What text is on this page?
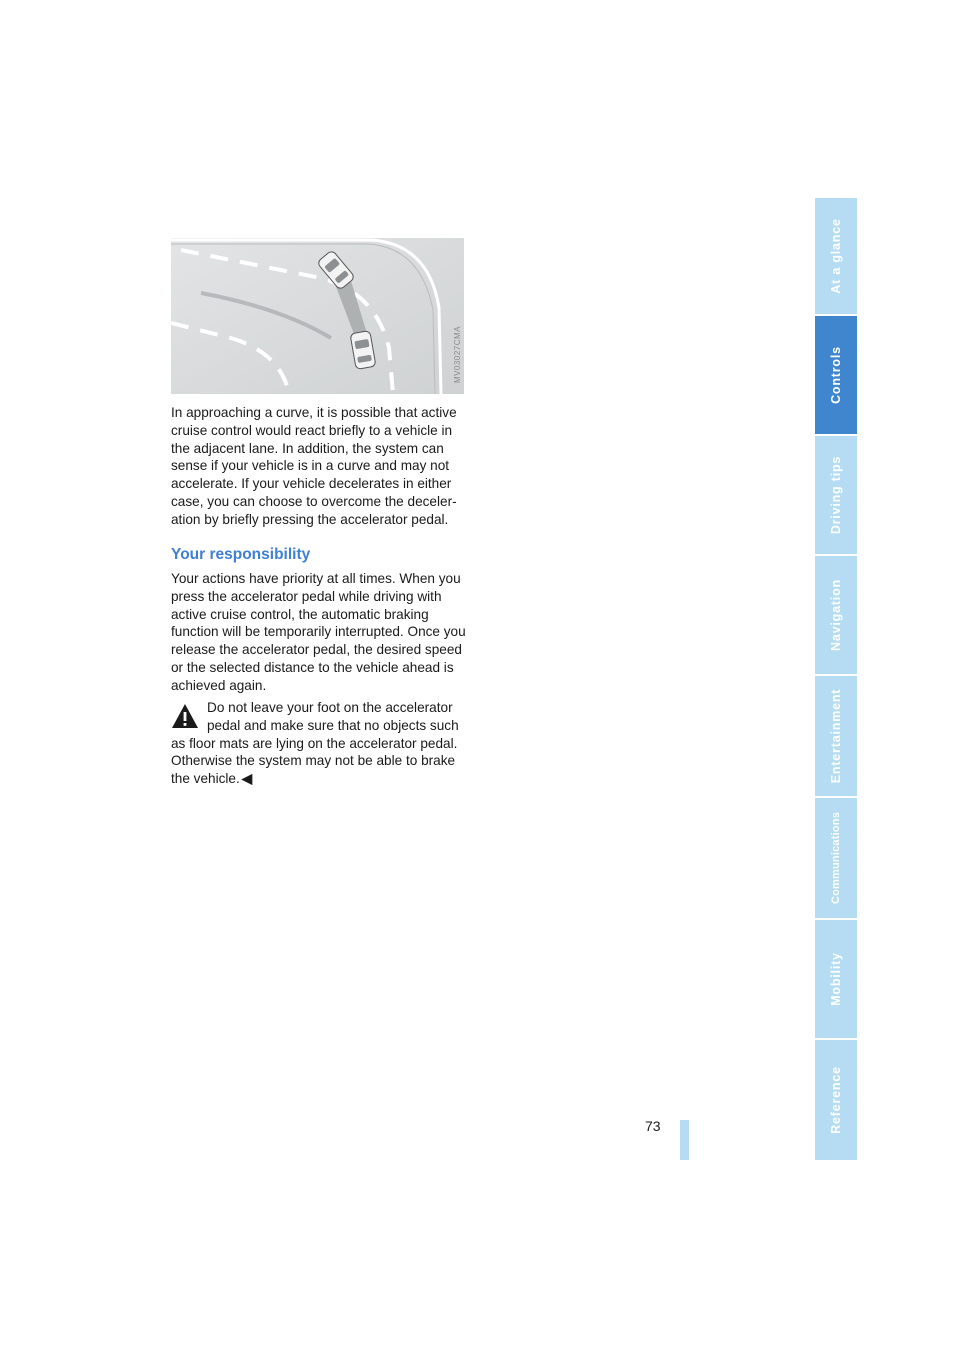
MV03027CMA

In approaching a curve, it is possible that active cruise control would react briefly to a vehicle in the adjacent lane. In addition, the system can sense if your vehicle is in a curve and may not accelerate. If your vehicle decelerates in either case, you can choose to overcome the deceler-ation by briefly pressing the accelerator pedal.

Your responsibility

Your actions have priority at all times. When you press the accelerator pedal while driving with active cruise control, the automatic braking function will be temporarily interrupted. Once you release the accelerator pedal, the desired speed or the selected distance to the vehicle ahead is achieved again.

Do not leave your foot on the accelerator pedal and make sure that no objects such as floor mats are lying on the accelerator pedal. Otherwise the system may not be able to brake the vehicle. ◀

73
At a glance
Controls
Driving tips
Navigation
Entertainment
Communications
Mobility
Reference
